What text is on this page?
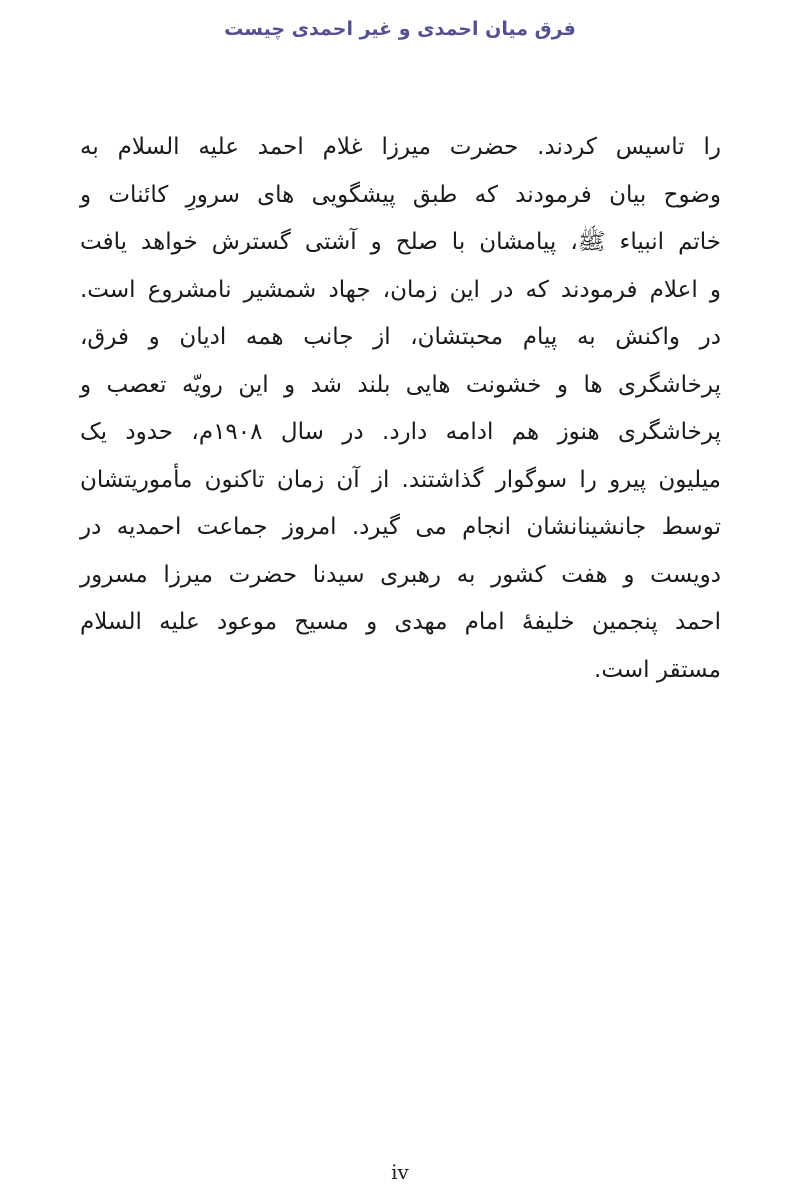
فرق میان احمدی و غیر احمدی چیست
را تاسیس کردند. حضرت میرزا غلام احمد علیه السلام به
وضوح بیان فرمودند که طبق پیشگویی های سرورِ کائنات و
خاتم انبیاء ﷺ، پیامشان با صلح و آشتی گسترش خواهد یافت
و اعلام فرمودند که در این زمان، جهاد شمشیر نامشروع است.
در واکنش به پیام محبتشان، از جانب همه ادیان و فرق،
پرخاشگری ها و خشونت هایی بلند شد و این رویّه تعصب و
پرخاشگری هنوز هم ادامه دارد. در سال ۱۹۰۸م، حدود یک
میلیون پیرو را سوگوار گذاشتند. از آن زمان تاکنون مأموریتشان
توسط جانشینانشان انجام می گیرد. امروز جماعت احمدیه در
دویست و هفت کشور به رهبری سیدنا حضرت میرزا مسرور
احمد پنجمین خلیفهٔ امام مهدی و مسیح موعود علیه السلام
مستقر است.
iv
